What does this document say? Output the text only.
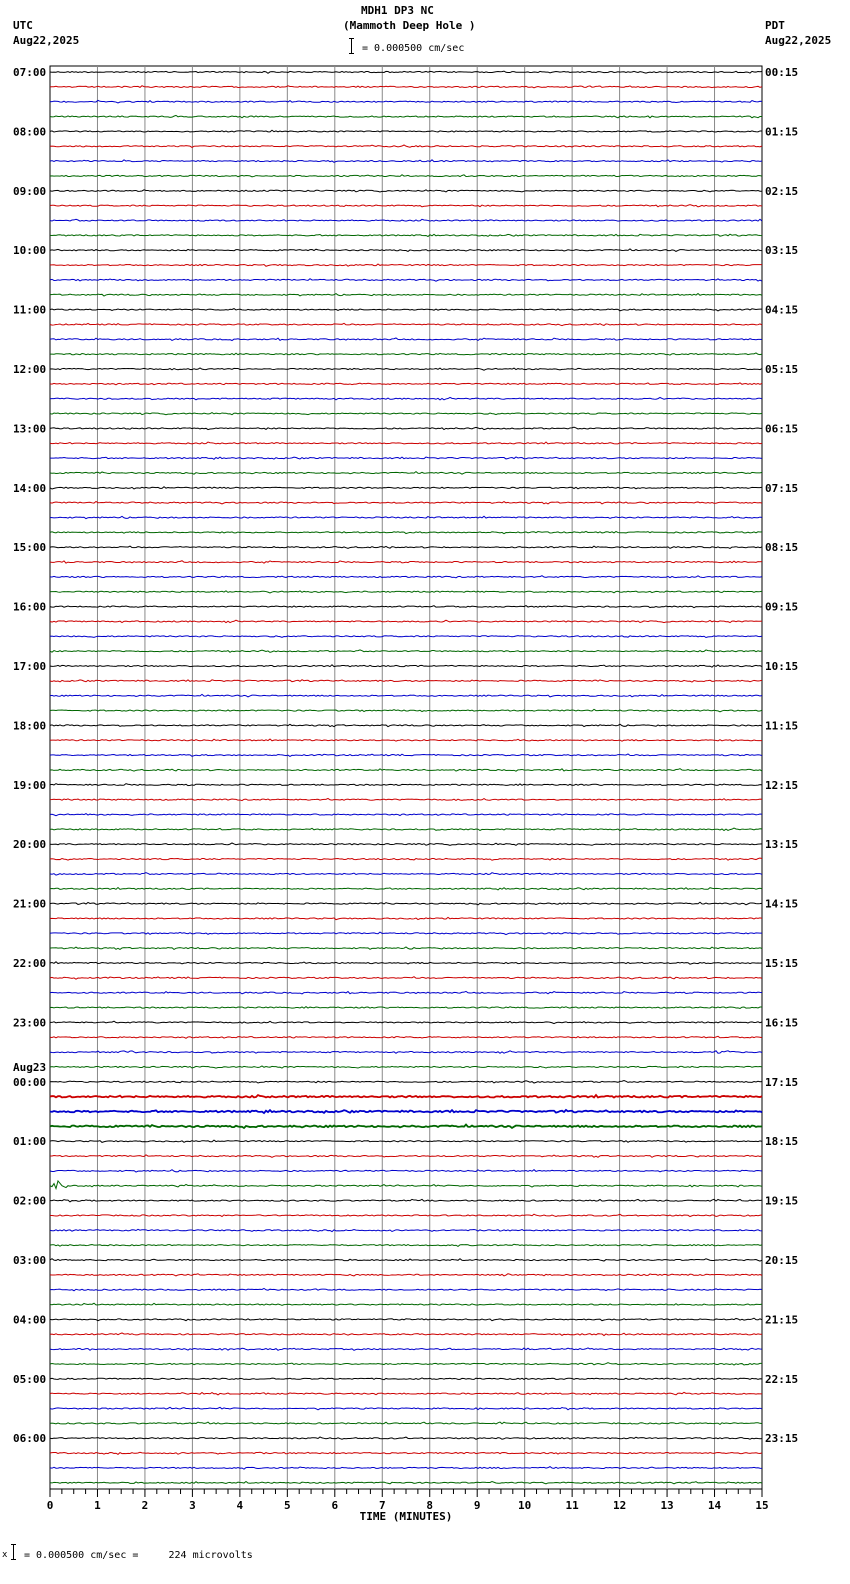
MDH1 DP3 NC
(Mammoth Deep Hole )
= 0.000500 cm/sec
UTC
Aug22,2025
PDT
Aug22,2025
07:00
08:00
09:00
10:00
11:00
12:00
13:00
14:00
15:00
16:00
17:00
18:00
19:00
20:00
21:00
22:00
23:00
00:00
Aug23
01:00
02:00
03:00
04:00
05:00
06:00
00:15
01:15
02:15
03:15
04:15
05:15
06:15
07:15
08:15
09:15
10:15
11:15
12:15
13:15
14:15
15:15
16:15
17:15
18:15
19:15
20:15
21:15
22:15
23:15
0	1	2	3	4	5	6	7	8	9	10	11	12	13	14	15
TIME (MINUTES)
x = 0.000500 cm/sec =     224 microvolts
